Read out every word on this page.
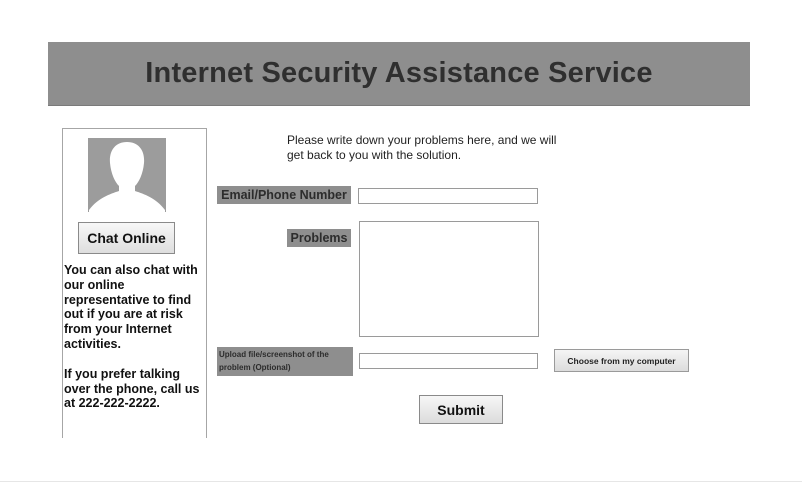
Internet Security Assistance Service
Chat Online

You can also chat with our online representative to find out if you are at risk from your Internet activities.

If you prefer talking over the phone, call us at 222-222-2222.

Please write down your problems here, and we will get back to you with the solution.
Email/Phone Number
Problems
Upload file/screenshot of the problem (Optional)
Choose from my computer
Submit
